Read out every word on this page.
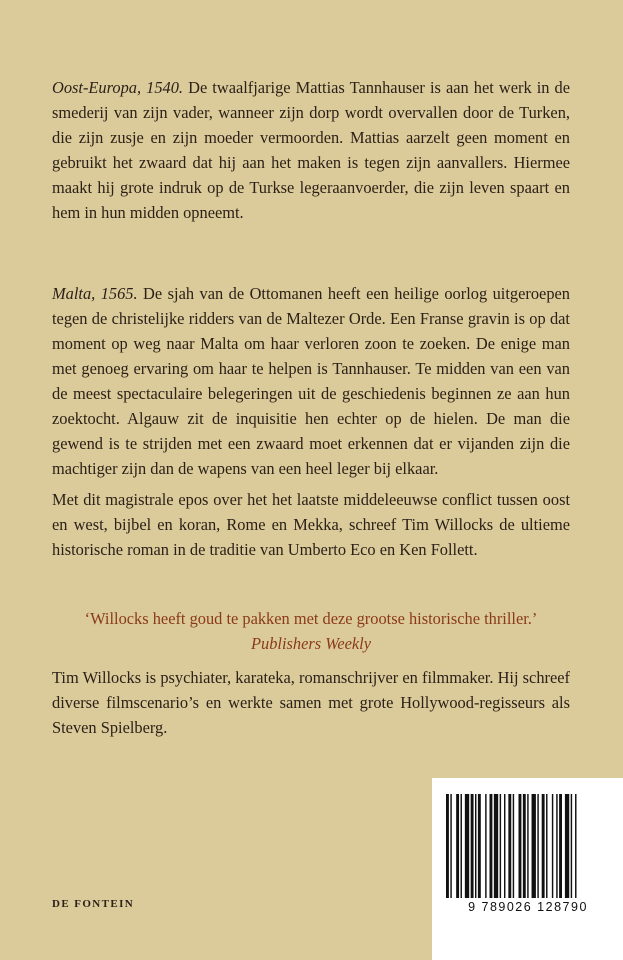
Oost-Europa, 1540. De twaalfjarige Mattias Tannhauser is aan het werk in de smederij van zijn vader, wanneer zijn dorp wordt overvallen door de Turken, die zijn zusje en zijn moeder vermoorden. Mattias aarzelt geen moment en gebruikt het zwaard dat hij aan het maken is tegen zijn aanvallers. Hiermee maakt hij grote indruk op de Turkse legeraanvoerder, die zijn leven spaart en hem in hun midden opneemt.

Malta, 1565. De sjah van de Ottomanen heeft een heilige oorlog uitgeroepen tegen de christelijke ridders van de Maltezer Orde. Een Franse gravin is op dat moment op weg naar Malta om haar verloren zoon te zoeken. De enige man met genoeg ervaring om haar te helpen is Tannhauser. Te midden van een van de meest spectaculaire belegeringen uit de geschiedenis beginnen ze aan hun zoektocht. Algauw zit de inquisitie hen echter op de hielen. De man die gewend is te strijden met een zwaard moet erkennen dat er vijanden zijn die machtiger zijn dan de wapens van een heel leger bij elkaar.

Met dit magistrale epos over het het laatste middeleeuwse conflict tussen oost en west, bijbel en koran, Rome en Mekka, schreef Tim Willocks de ultieme historische roman in de traditie van Umberto Eco en Ken Follett.

‘Willocks heeft goud te pakken met deze grootse historische thriller.’
Publishers Weekly

Tim Willocks is psychiater, karateka, romanschrijver en filmmaker. Hij schreef diverse filmscenario’s en werkte samen met grote Hollywood-regisseurs als Steven Spielberg.

DE FONTEIN	9 789026 128790
